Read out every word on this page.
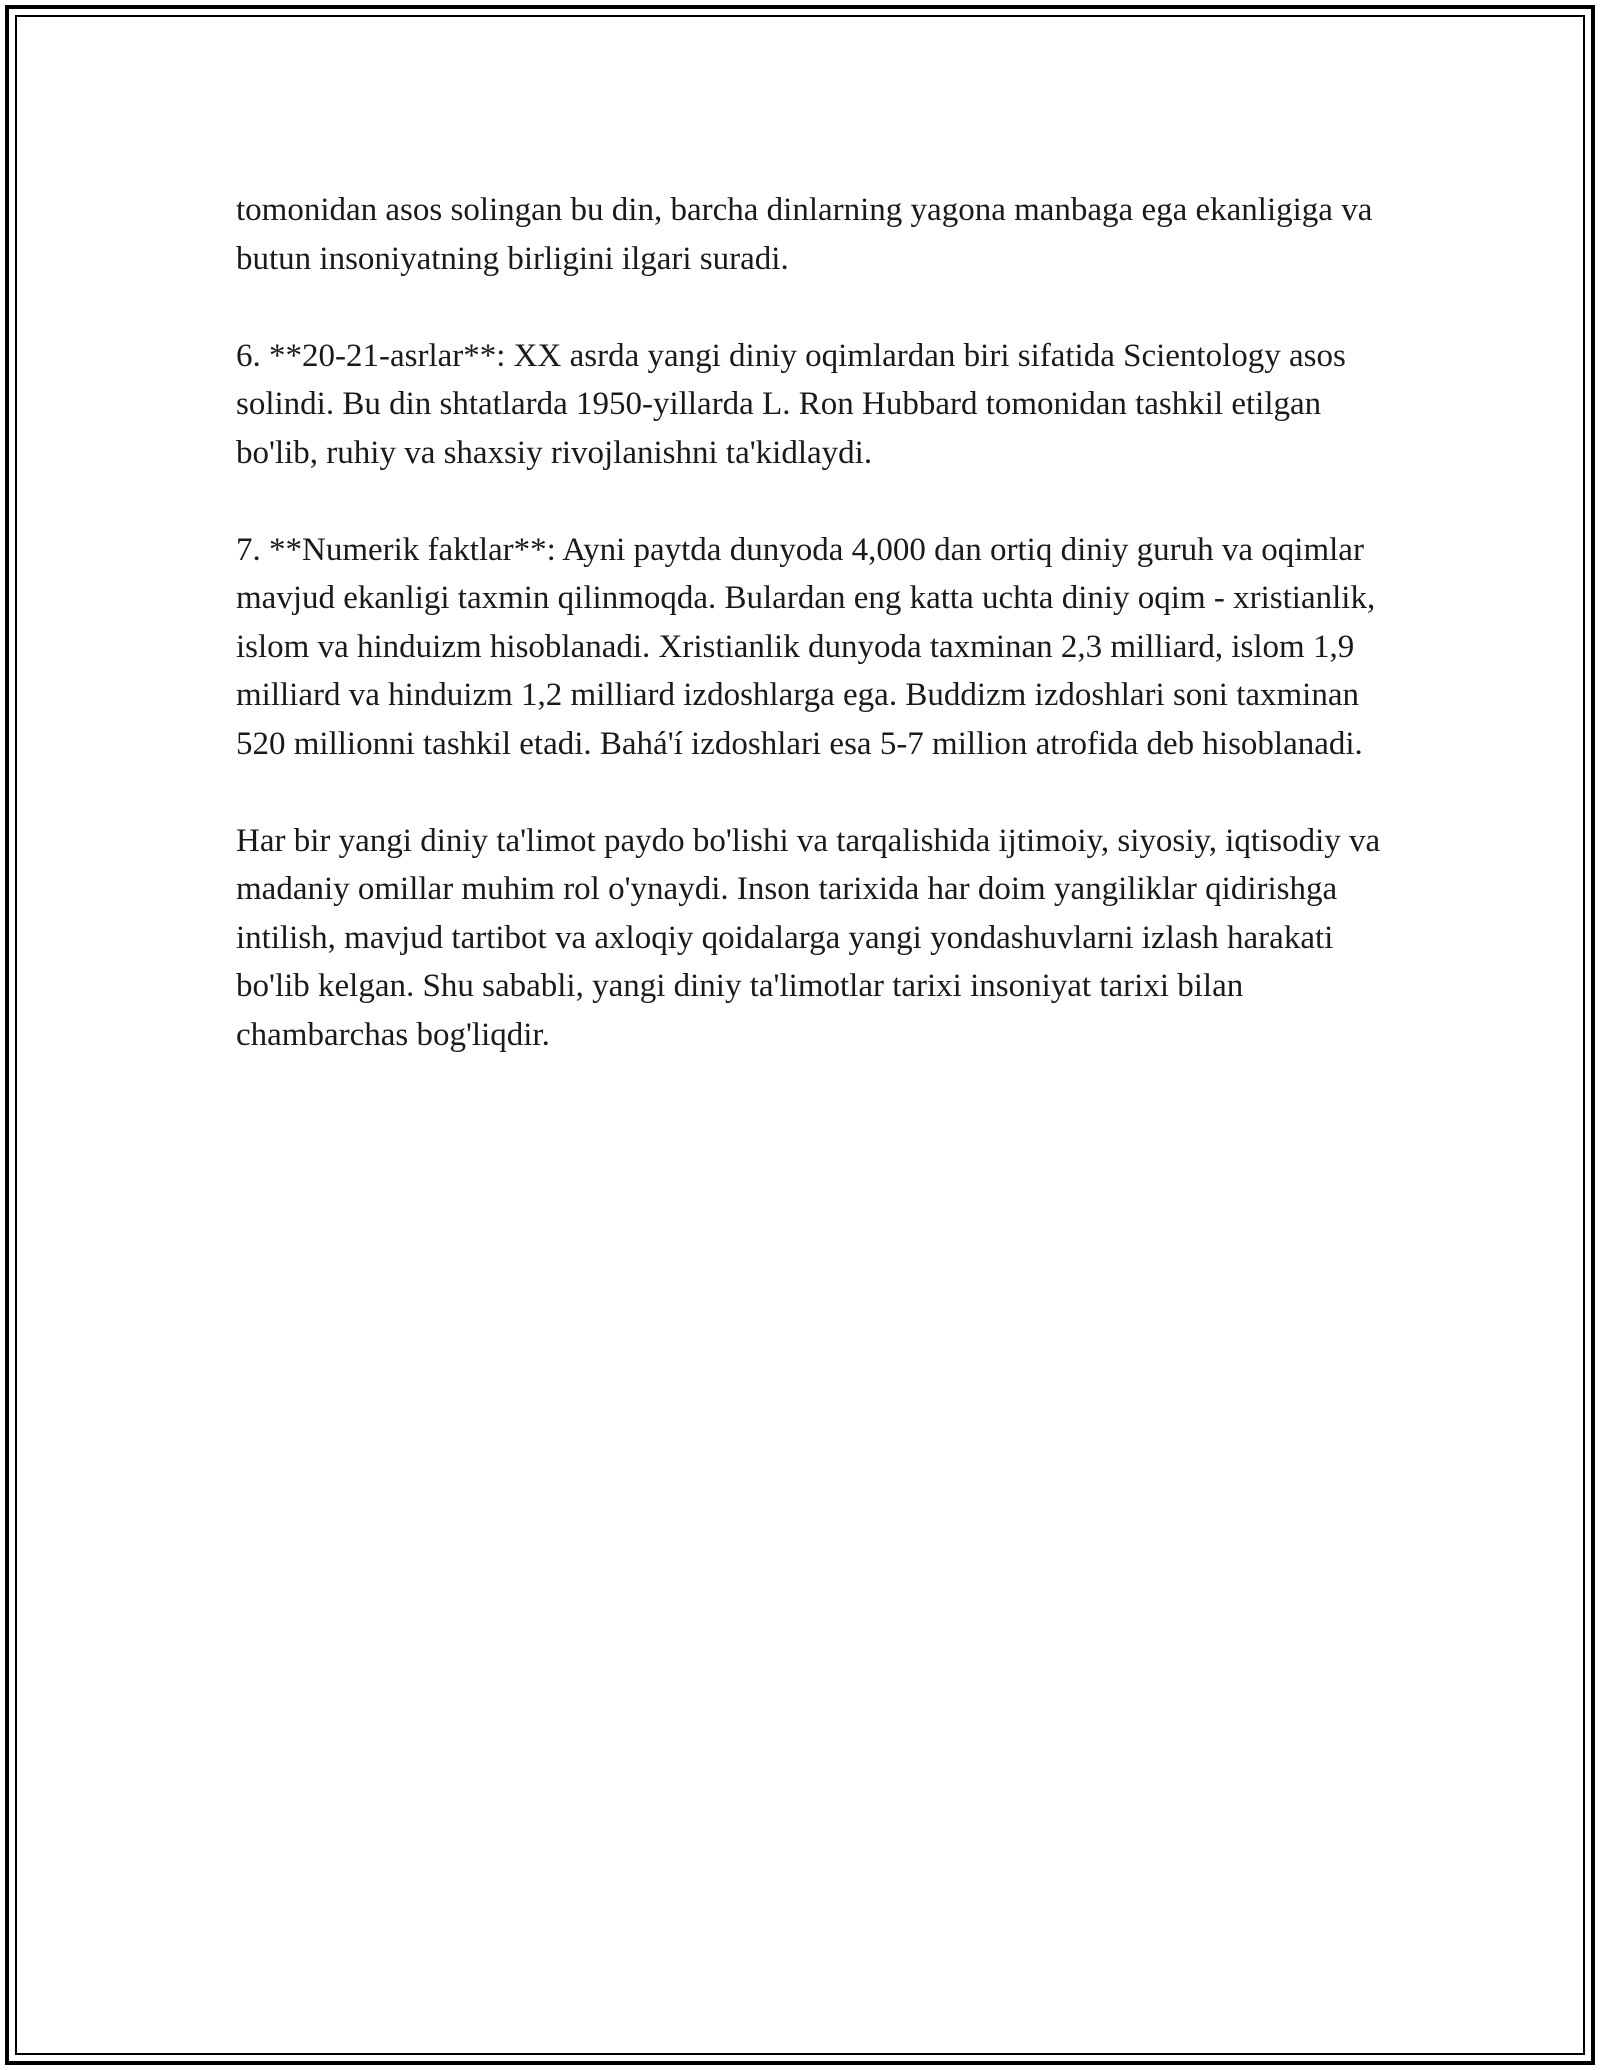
tomonidan asos solingan bu din, barcha dinlarning yagona manbaga ega ekanligiga va butun insoniyatning birligini ilgari suradi.

6. **20-21-asrlar**: XX asrda yangi diniy oqimlardan biri sifatida Scientology asos solindi. Bu din shtatlarda 1950-yillarda L. Ron Hubbard tomonidan tashkil etilgan bo'lib, ruhiy va shaxsiy rivojlanishni ta'kidlaydi.

7. **Numerik faktlar**: Ayni paytda dunyoda 4,000 dan ortiq diniy guruh va oqimlar mavjud ekanligi taxmin qilinmoqda. Bulardan eng katta uchta diniy oqim - xristianlik, islom va hinduizm hisoblanadi. Xristianlik dunyoda taxminan 2,3 milliard, islom 1,9 milliard va hinduizm 1,2 milliard izdoshlarga ega. Buddizm izdoshlari soni taxminan 520 millionni tashkil etadi. Bahá'í izdoshlari esa 5-7 million atrofida deb hisoblanadi.

Har bir yangi diniy ta'limot paydo bo'lishi va tarqalishida ijtimoiy, siyosiy, iqtisodiy va madaniy omillar muhim rol o'ynaydi. Inson tarixida har doim yangiliklar qidirishga intilish, mavjud tartibot va axloqiy qoidalarga yangi yondashuvlarni izlash harakati bo'lib kelgan. Shu sababli, yangi diniy ta'limotlar tarixi insoniyat tarixi bilan chambarchas bog'liqdir.
